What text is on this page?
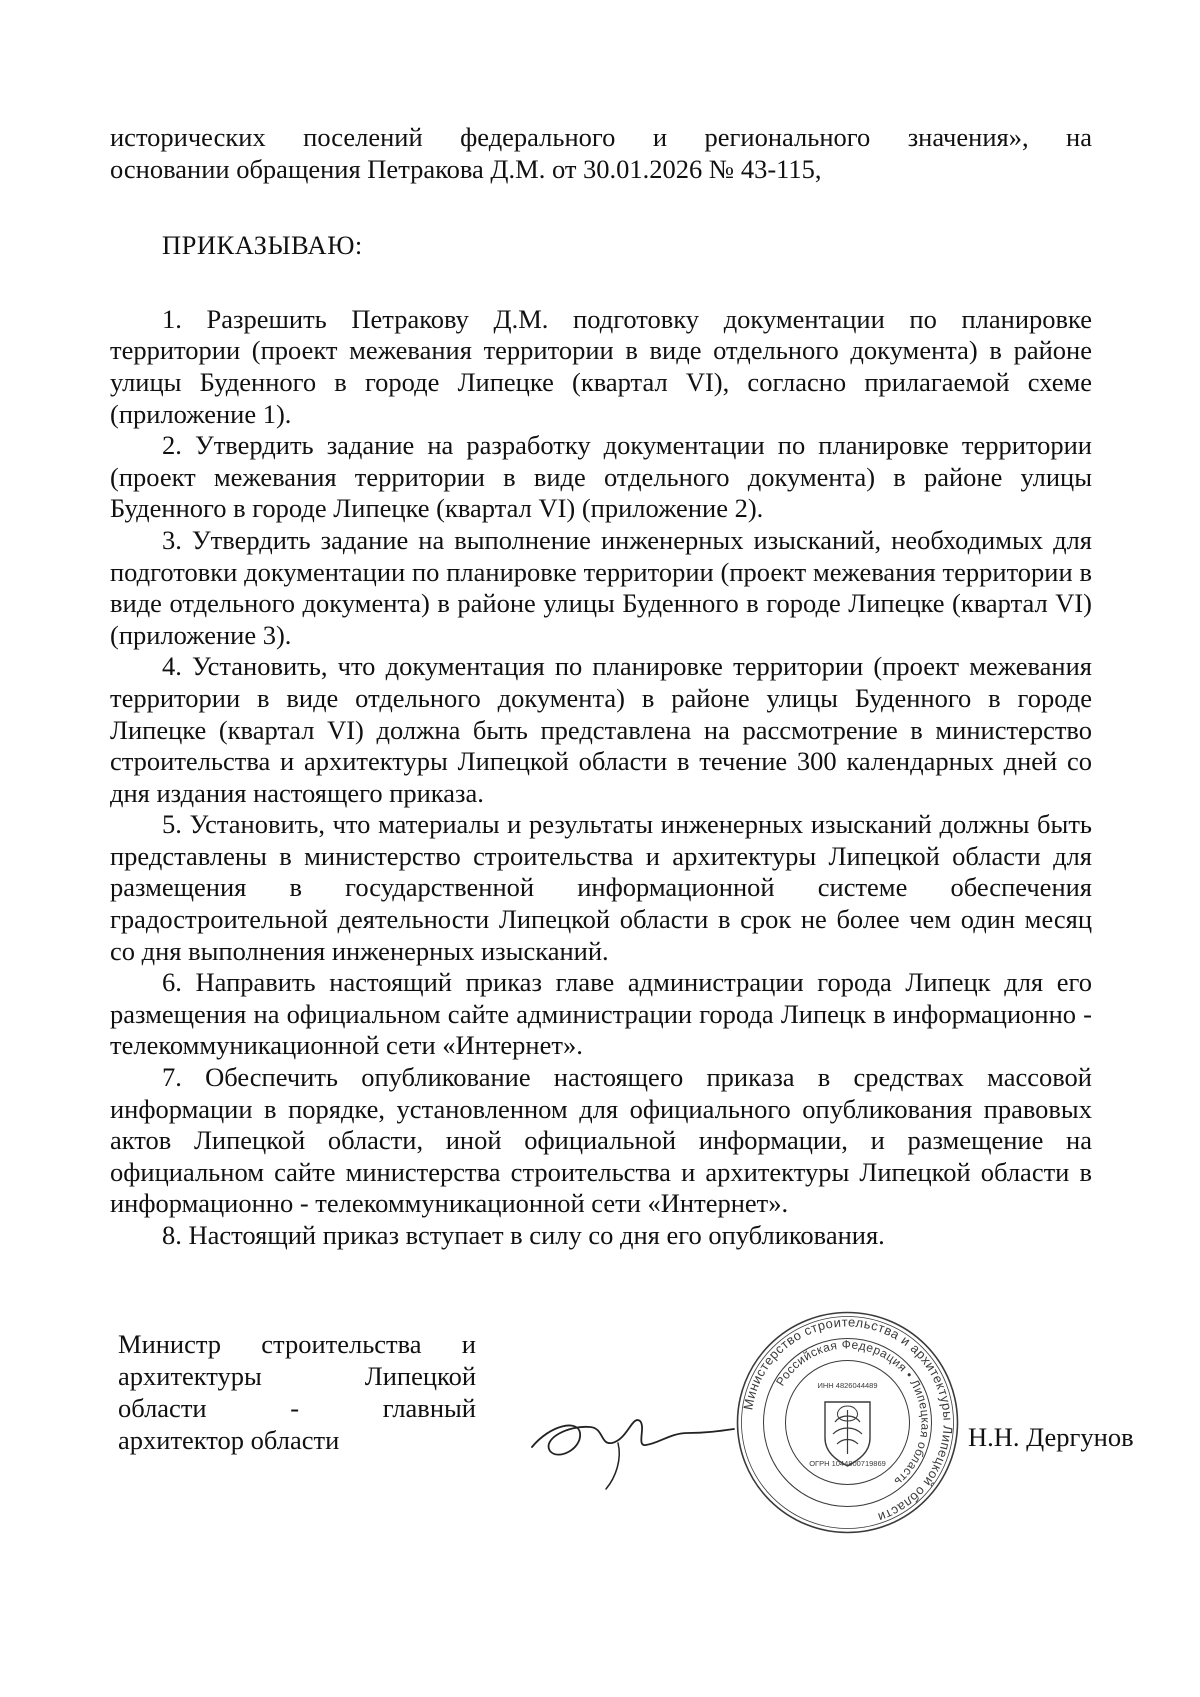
исторических поселений федерального и регионального значения», на

основании обращения Петракова Д.М. от 30.01.2026 № 43-115,

ПРИКАЗЫВАЮ:

1. Разрешить Петракову Д.М. подготовку документации по планировке территории (проект межевания территории в виде отдельного документа) в районе улицы Буденного в городе Липецке (квартал VI), согласно прилагаемой схеме (приложение 1).

2. Утвердить задание на разработку документации по планировке территории (проект межевания территории в виде отдельного документа) в районе улицы Буденного в городе Липецке (квартал VI) (приложение 2).

3. Утвердить задание на выполнение инженерных изысканий, необходимых для подготовки документации по планировке территории (проект межевания территории в виде отдельного документа) в районе улицы Буденного в городе Липецке (квартал VI) (приложение 3).

4. Установить, что документация по планировке территории (проект межевания территории в виде отдельного документа) в районе улицы Буденного в городе Липецке (квартал VI) должна быть представлена на рассмотрение в министерство строительства и архитектуры Липецкой области в течение 300 календарных дней со дня издания настоящего приказа.

5. Установить, что материалы и результаты инженерных изысканий должны быть представлены в министерство строительства и архитектуры Липецкой области для размещения в государственной информационной системе обеспечения градостроительной деятельности Липецкой области в срок не более чем один месяц со дня выполнения инженерных изысканий.

6. Направить настоящий приказ главе администрации города Липецк для его размещения на официальном сайте администрации города Липецк в информационно - телекоммуникационной сети «Интернет».

7. Обеспечить опубликование настоящего приказа в средствах массовой информации в порядке, установленном для официального опубликования правовых актов Липецкой области, иной официальной информации, и размещение на официальном сайте министерства строительства и архитектуры Липецкой области в информационно - телекоммуникационной сети «Интернет».

8. Настоящий приказ вступает в силу со дня его опубликования.

Министр строительства и
архитектуры Липецкой
области - главный
архитектор области
Министерство строительства и архитектуры Липецкой области
Российская Федерация • Липецкая область
ИНН 4826044489
ОГРН 1044800719869
Н.Н. Дергунов
